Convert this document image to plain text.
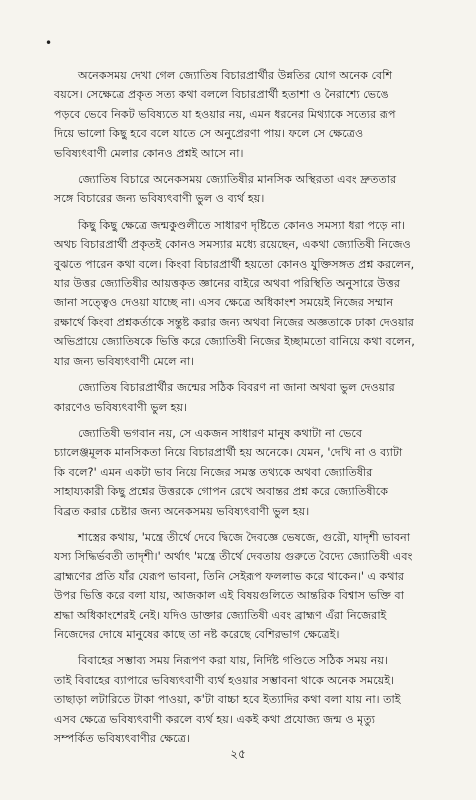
•
অনেকসময় দেখা গেল জ্যোতিষ বিচারপ্রার্থীর উন্নতির যোগ অনেক বেশি
বয়সে। সেক্ষেত্রে প্রকৃত সত্য কথা বললে বিচারপ্রার্থী হতাশা ও নৈরাশ্যে ভেঙে
পড়বে ভেবে নিকট ভবিষ্যতে যা হওয়ার নয়, এমন ধরনের মিথ্যাকে সত্যের রূপ
দিয়ে ভালো কিছু হবে বলে যাতে সে অনুপ্রেরণা পায়। ফলে সে ক্ষেত্রেও
ভবিষ্যৎবাণী মেলার কোনও প্রশ্নই আসে না।
জ্যোতিষ বিচারে অনেকসময় জ্যোতিষীর মানসিক অস্থিরতা এবং দ্রুততার
সঙ্গে বিচারের জন্য ভবিষ্যৎবাণী ভুল ও ব্যর্থ হয়।
কিছু কিছু ক্ষেত্রে জন্মকুণ্ডলীতে সাধারণ দৃষ্টিতে কোনও সমস্যা ধরা পড়ে না।
অথচ বিচারপ্রার্থী প্রকৃতই কোনও সমস্যার মধ্যে রয়েছেন, একথা জ্যোতিষী নিজেও
বুঝতে পারেন কথা বলে। কিংবা বিচারপ্রার্থী হয়তো কোনও যুক্তিসঙ্গত প্রশ্ন করলেন,
যার উত্তর জ্যোতিষীর আয়ত্তকৃত জ্ঞানের বাইরে অথবা পরিস্থিতি অনুসারে উত্তর
জানা সত্ত্বেও দেওয়া যাচ্ছে না। এসব ক্ষেত্রে অধিকাংশ সময়েই নিজের সম্মান
রক্ষার্থে কিংবা প্রশ্নকর্তাকে সন্তুষ্ট করার জন্য অথবা নিজের অজ্ঞতাকে ঢাকা দেওয়ার
অভিপ্রায়ে জ্যোতিষকে ভিত্তি করে জ্যোতিষী নিজের ইচ্ছামতো বানিয়ে কথা বলেন,
যার জন্য ভবিষ্যৎবাণী মেলে না।
জ্যোতিষ বিচারপ্রার্থীর জন্মের সঠিক বিবরণ না জানা অথবা ভুল দেওয়ার
কারণেও ভবিষ্যৎবাণী ভুল হয়।
জ্যোতিষী ভগবান নয়, সে একজন সাধারণ মানুষ কথাটা না ভেবে
চ্যালেঞ্জমূলক মানসিকতা নিয়ে বিচারপ্রার্থী হয় অনেকে। যেমন, 'দেখি না ও ব্যাটা
কি বলে?' এমন একটা ভাব নিয়ে নিজের সমস্ত তথ্যকে অথবা জ্যোতিষীর
সাহায্যকারী কিছু প্রশ্নের উত্তরকে গোপন রেখে অবান্তর প্রশ্ন করে জ্যোতিষীকে
বিব্রত করার চেষ্টার জন্য অনেকসময় ভবিষ্যৎবাণী ভুল হয়।
শাস্ত্রের কথায়, 'মন্ত্রে তীর্থে দেবে দ্বিজে দৈবজ্ঞে ভেষজে, গুরৌ, যাদৃশী ভাবনা
যস্য সিদ্ধির্ভবতী তাদৃশী।' অর্থাৎ 'মন্ত্রে তীর্থে দেবতায় গুরুতে বৈদ্যে জ্যোতিষী এবং
ব্রাহ্মণের প্রতি যাঁর যেরূপ ভাবনা, তিনি সেইরূপ ফললাভ করে থাকেন।' এ কথার
উপর ভিত্তি করে বলা যায়, আজকাল এই বিষয়গুলিতে আন্তরিক বিশ্বাস ভক্তি বা
শ্রদ্ধা অধিকাংশেরই নেই। যদিও ডাক্তার জ্যোতিষী এবং ব্রাহ্মণ এঁরা নিজেরাই
নিজেদের দোষে মানুষের কাছে তা নষ্ট করেছে বেশিরভাগ ক্ষেত্রেই।
বিবাহের সম্ভাব্য সময় নিরূপণ করা যায়, নির্দিষ্ট গণ্ডিতে সঠিক সময় নয়।
তাই বিবাহের ব্যাপারে ভবিষ্যৎবাণী ব্যর্থ হওয়ার সম্ভাবনা থাকে অনেক সময়েই।
তাছাড়া লটারিতে টাকা পাওয়া, ক'টা বাচ্চা হবে ইত্যাদির কথা বলা যায় না। তাই
এসব ক্ষেত্রে ভবিষ্যৎবাণী করলে ব্যর্থ হয়। একই কথা প্রযোজ্য জন্ম ও মৃত্যু
সম্পর্কিত ভবিষ্যৎবাণীর ক্ষেত্রে।
২৫
